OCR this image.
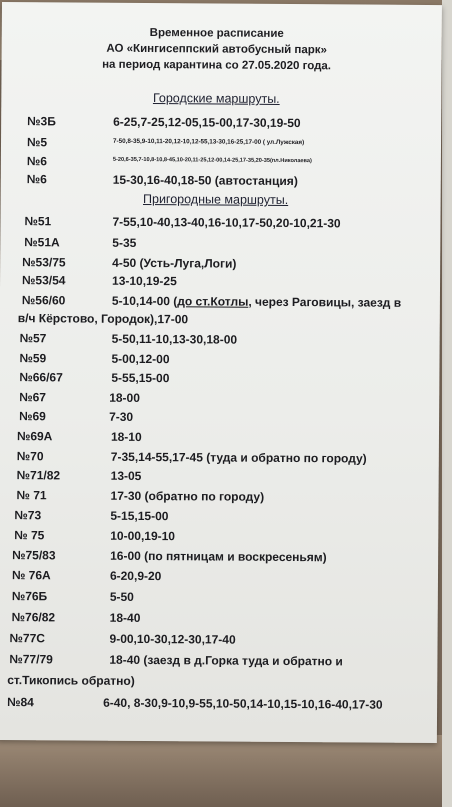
Временное расписание
АО «Кингисеппский автобусный парк»
на период карантина со 27.05.2020 года.
Городские маршруты.
№3Б	6-25,7-25,12-05,15-00,17-30,19-50
№5	7-50,8-35,9-10,11-20,12-10,12-55,13-30,16-25,17-00 ( ул.Лужская)
№6	5-20,6-35,7-10,8-10,8-45,10-20,11-25,12-00,14-25,17-35,20-35(пл.Николаева)
№6	15-30,16-40,18-50 (автостанция)
Пригородные маршруты.
№51	7-55,10-40,13-40,16-10,17-50,20-10,21-30
№51А	5-35
№53/75	4-50 (Усть-Луга,Логи)
№53/54	13-10,19-25
№56/60	5-10,14-00 (до ст.Котлы, через Раговицы, заезд в
в/ч Кёрстово, Городок),17-00
№57	5-50,11-10,13-30,18-00
№59	5-00,12-00
№66/67	5-55,15-00
№67	18-00
№69	7-30
№69А	18-10
№70	7-35,14-55,17-45 (туда и обратно по городу)
№71/82	13-05
№ 71	17-30 (обратно по городу)
№73	5-15,15-00
№ 75	10-00,19-10
№75/83	16-00 (по пятницам и воскресеньям)
№ 76А	6-20,9-20
№76Б	5-50
№76/82	18-40
№77С	9-00,10-30,12-30,17-40
№77/79	18-40 (заезд в д.Горка туда и обратно и
ст.Тикопись обратно)
№84	6-40, 8-30,9-10,9-55,10-50,14-10,15-10,16-40,17-30
